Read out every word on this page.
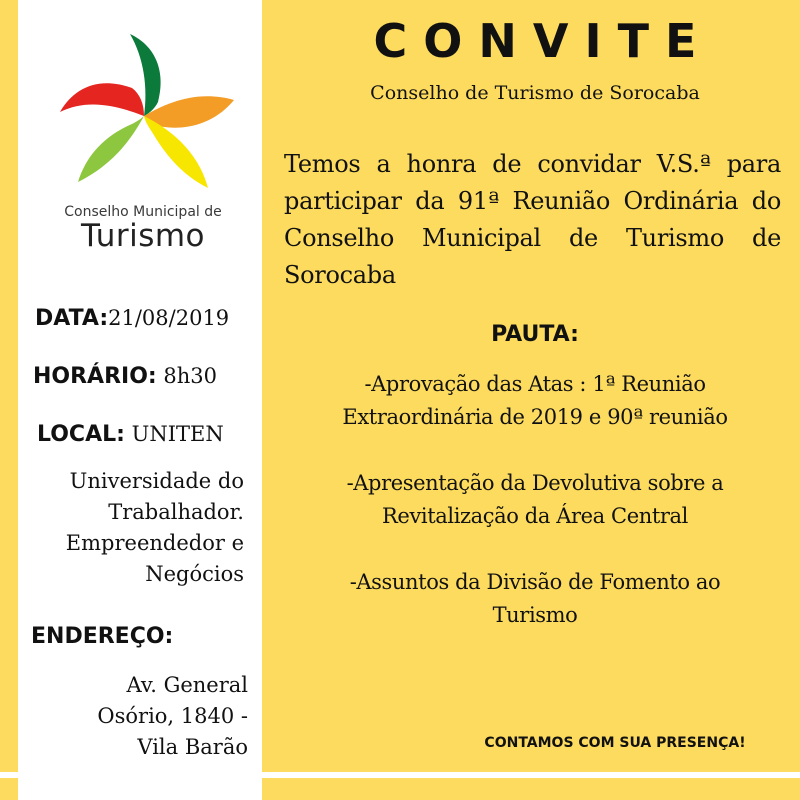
Conselho Municipal de
Turismo
DATA:21/08/2019
HORÁRIO: 8h30
LOCAL: UNITEN
Universidade do
Trabalhador.
Empreendedor e
Negócios
ENDEREÇO:
Av. General
Osório, 1840 -
Vila Barão
CONVITE
Conselho de Turismo de Sorocaba
Temos a honra de convidar V.S.ª para participar da 91ª Reunião Ordinária do Conselho Municipal de Turismo de Sorocaba
PAUTA:
-Aprovação das Atas : 1ª Reunião
Extraordinária de 2019 e 90ª reunião
-Apresentação da Devolutiva sobre a
Revitalização da Área Central
-Assuntos da Divisão de Fomento ao
Turismo
CONTAMOS COM SUA PRESENÇA!
